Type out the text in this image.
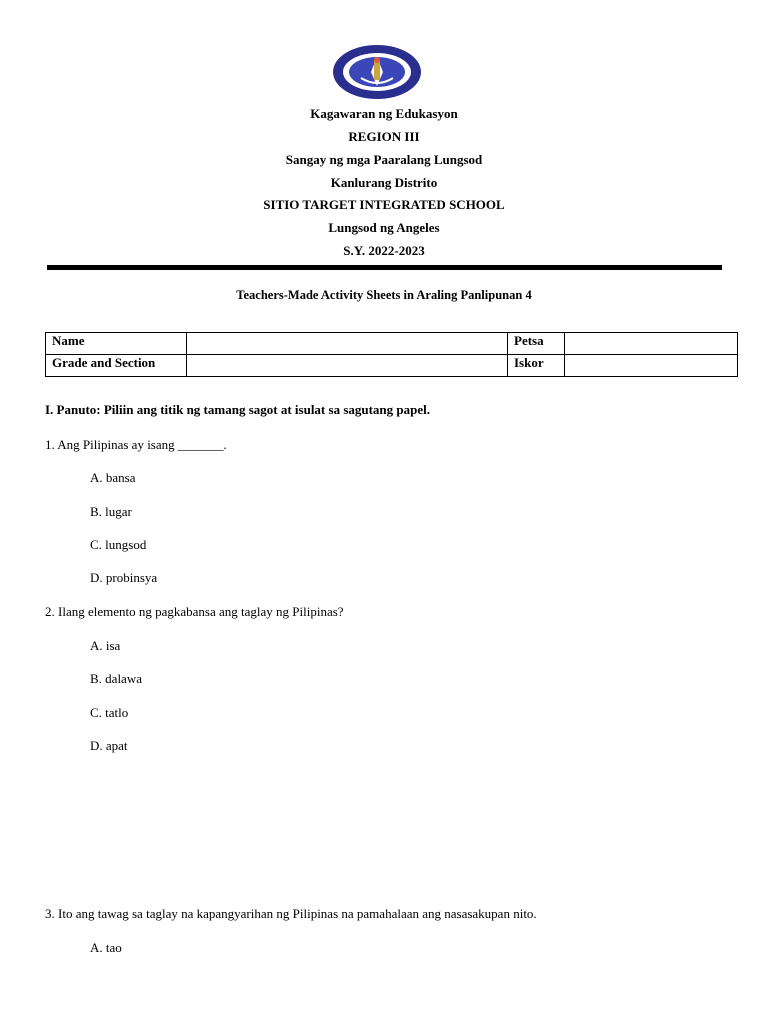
Kagawaran ng Edukasyon
REGION III
Sangay ng mga Paaralang Lungsod
Kanlurang Distrito
SITIO TARGET INTEGRATED SCHOOL
Lungsod ng Angeles
S.Y. 2022-2023
Teachers-Made Activity Sheets in Araling Panlipunan 4
Name		Petsa	
Grade and Section		Iskor	
I. Panuto: Piliin ang titik ng tamang sagot at isulat sa sagutang papel.
1. Ang Pilipinas ay isang _______.
A. bansa
B. lugar
C. lungsod
D. probinsya
2. Ilang elemento ng pagkabansa ang taglay ng Pilipinas?
A. isa
B. dalawa
C. tatlo
D. apat
3. Ito ang tawag sa taglay na kapangyarihan ng Pilipinas na pamahalaan ang nasasakupan nito.
A. tao
